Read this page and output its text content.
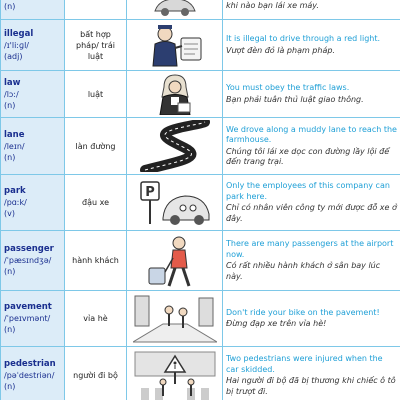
(n)			khi nào bạn lái xe máy.

illegal
/ɪ'liːɡl/
(adj)	bất hợp pháp/ trái luật		It is illegal to drive through a red light.
Vượt đèn đỏ là phạm pháp.

law
/lɔː/
(n)	luật		You must obey the traffic laws.
Bạn phải tuân thủ luật giao thông.

lane
/leɪn/
(n)	làn đường		We drove along a muddy lane to reach the farmhouse.
Chúng tôi lái xe dọc con đường lầy lội để đến trang trại.

park
/pɑːk/
(v)	đậu xe	P	Only the employees of this company can park here.
Chỉ có nhân viên công ty mới được đỗ xe ở đây.

passenger
/ˈpæsɪndʒə/
(n)	hành khách		There are many passengers at the airport now.
Có rất nhiều hành khách ở sân bay lúc này.

pavement
/ˈpeɪvmənt/
(n)	vỉa hè		Don't ride your bike on the pavement!
Đừng đạp xe trên vỉa hè!

pedestrian
/pəˈdestriən/
(n)	người đi bộ		Two pedestrians were injured when the car skidded.
Hai người đi bộ đã bị thương khi chiếc ô tô bị trượt đi.
